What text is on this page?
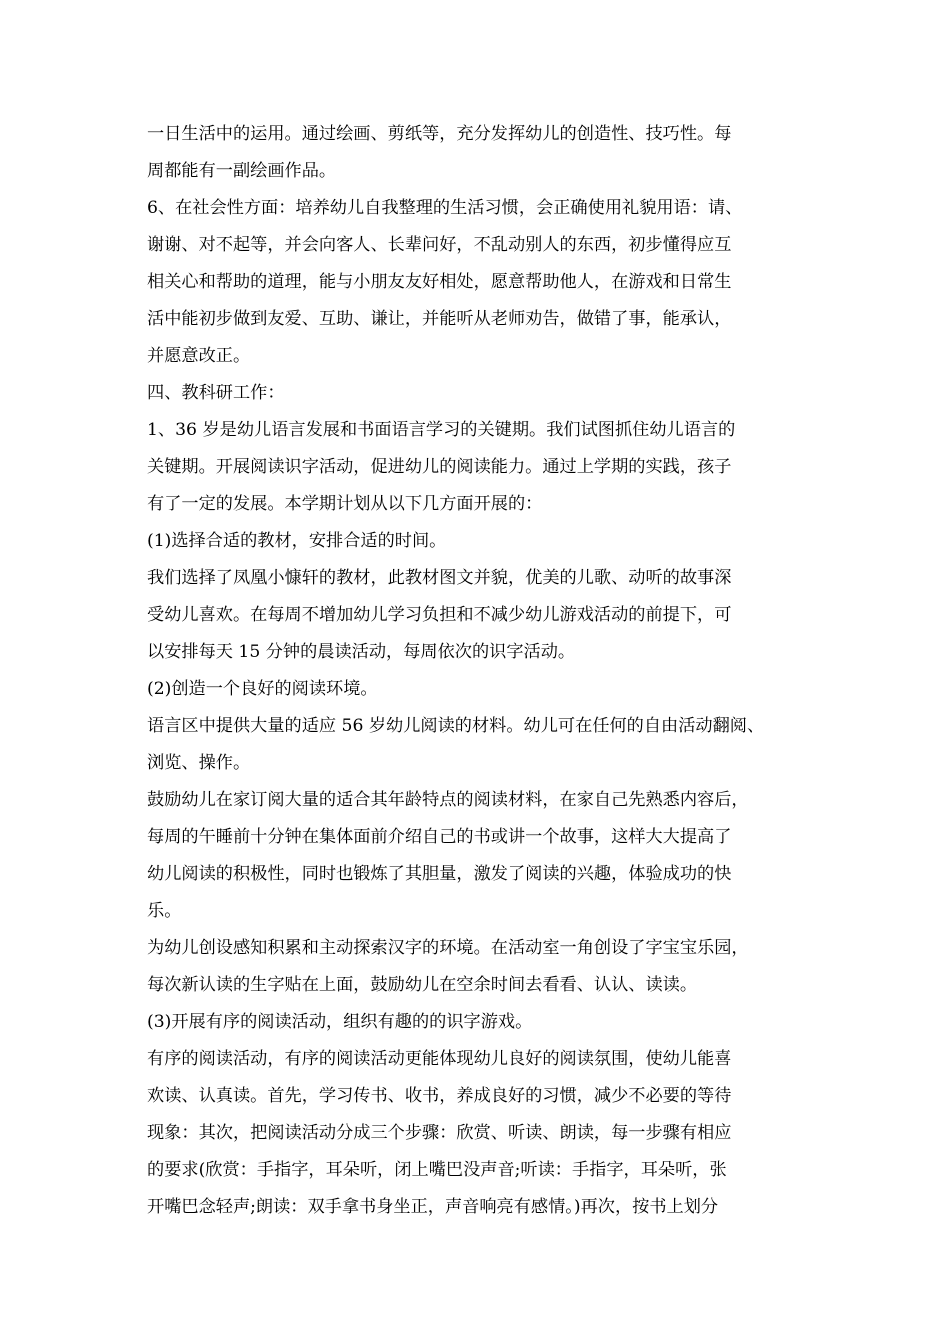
一日生活中的运用。通过绘画、剪纸等，充分发挥幼儿的创造性、技巧性。每
周都能有一副绘画作品。
6、在社会性方面：培养幼儿自我整理的生活习惯，会正确使用礼貌用语：请、
谢谢、对不起等，并会向客人、长辈问好，不乱动别人的东西，初步懂得应互
相关心和帮助的道理，能与小朋友友好相处，愿意帮助他人，在游戏和日常生
活中能初步做到友爱、互助、谦让，并能听从老师劝告，做错了事，能承认，
并愿意改正。
四、教科研工作：
1、36 岁是幼儿语言发展和书面语言学习的关键期。我们试图抓住幼儿语言的
关键期。开展阅读识字活动，促进幼儿的阅读能力。通过上学期的实践，孩子
有了一定的发展。本学期计划从以下几方面开展的：
(1)选择合适的教材，安排合适的时间。
我们选择了凤凰小慷轩的教材，此教材图文并貌，优美的儿歌、动听的故事深
受幼儿喜欢。在每周不增加幼儿学习负担和不减少幼儿游戏活动的前提下，可
以安排每天 15 分钟的晨读活动，每周依次的识字活动。
(2)创造一个良好的阅读环境。
语言区中提供大量的适应 56 岁幼儿阅读的材料。幼儿可在任何的自由活动翻阅、
浏览、操作。
鼓励幼儿在家订阅大量的适合其年龄特点的阅读材料，在家自己先熟悉内容后，
每周的午睡前十分钟在集体面前介绍自己的书或讲一个故事，这样大大提高了
幼儿阅读的积极性，同时也锻炼了其胆量，激发了阅读的兴趣，体验成功的快
乐。
为幼儿创设感知积累和主动探索汉字的环境。在活动室一角创设了字宝宝乐园，
每次新认读的生字贴在上面，鼓励幼儿在空余时间去看看、认认、读读。
(3)开展有序的阅读活动，组织有趣的的识字游戏。
有序的阅读活动，有序的阅读活动更能体现幼儿良好的阅读氛围，使幼儿能喜
欢读、认真读。首先，学习传书、收书，养成良好的习惯，减少不必要的等待
现象：其次，把阅读活动分成三个步骤：欣赏、听读、朗读，每一步骤有相应
的要求(欣赏：手指字，耳朵听，闭上嘴巴没声音;听读：手指字，耳朵听，张
开嘴巴念轻声;朗读：双手拿书身坐正，声音响亮有感情。)再次，按书上划分
